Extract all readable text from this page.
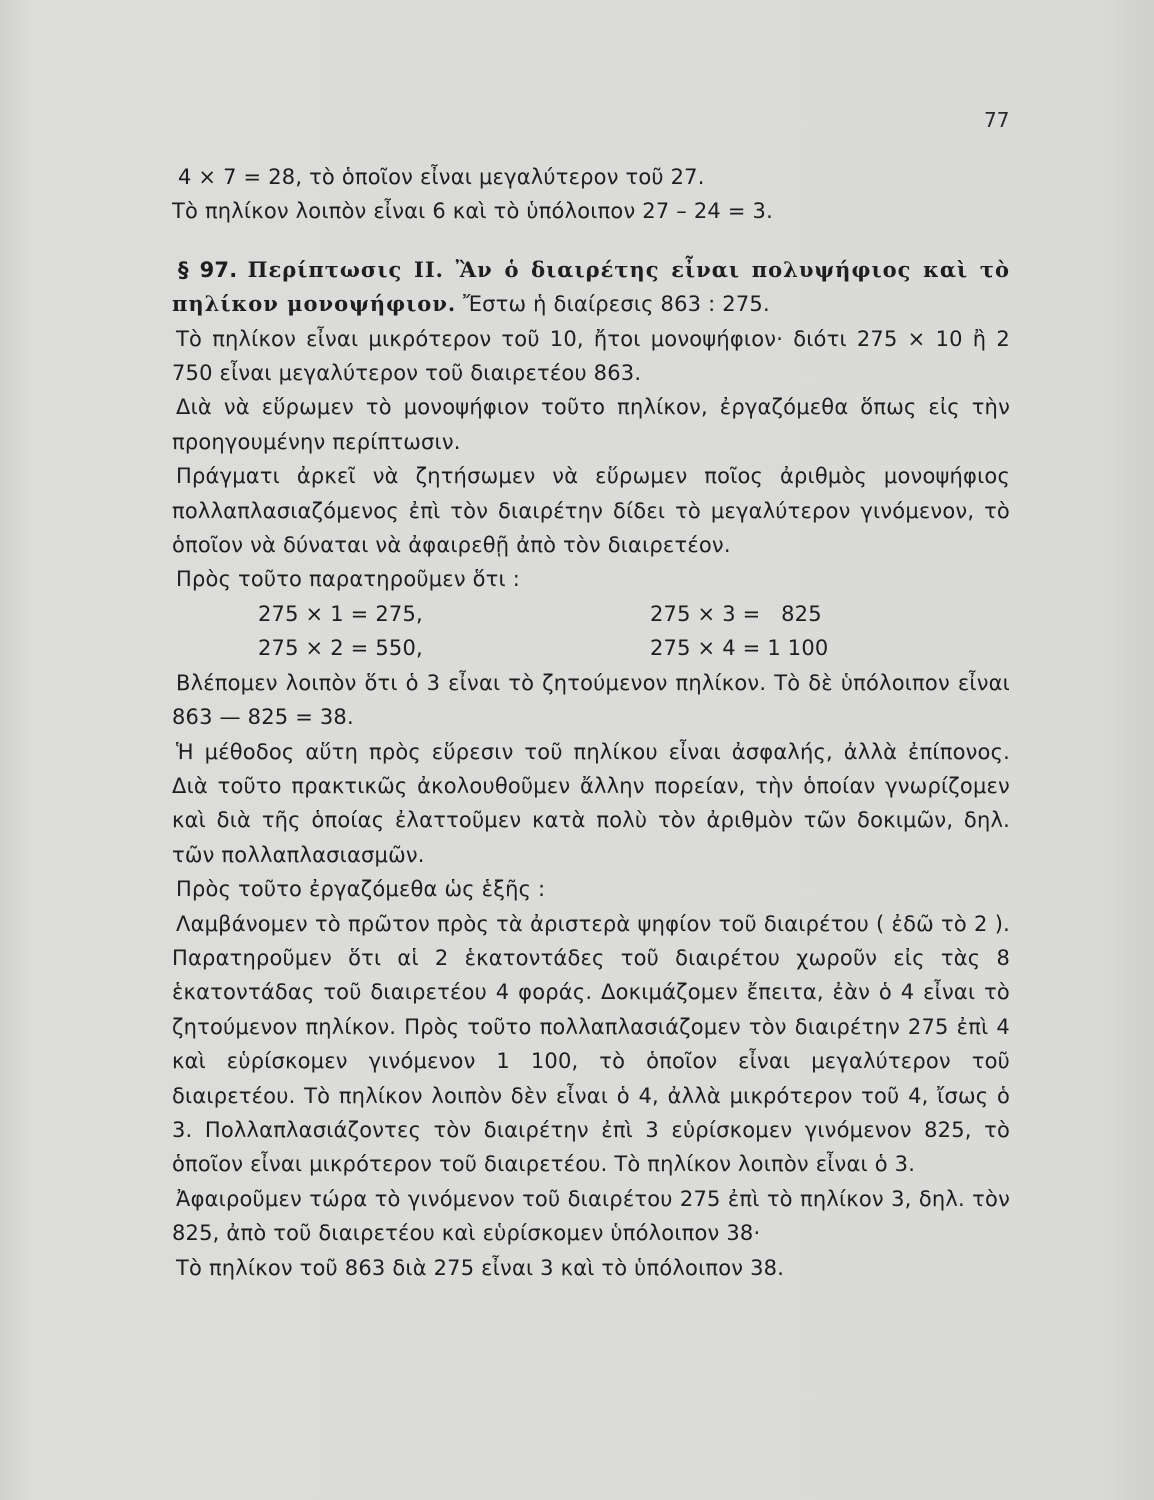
77

4 × 7 = 28, τὸ ὁποῖον εἶναι μεγαλύτερον τοῦ 27.

Τὸ πηλίκον λοιπὸν εἶναι 6 καὶ τὸ ὑπόλοιπον 27 – 24 = 3.

§ 97. Περίπτωσις II. Ἂν ὁ διαιρέτης εἶναι πολυψήφιος καὶ τὸ πηλίκον μονοψήφιον. Ἔστω ἡ διαίρεσις 863 : 275.

Τὸ πηλίκον εἶναι μικρότερον τοῦ 10, ἤτοι μονοψήφιον· διότι 275 × 10 ἢ 2 750 εἶναι μεγαλύτερον τοῦ διαιρετέου 863.

Διὰ νὰ εὕρωμεν τὸ μονοψήφιον τοῦτο πηλίκον, ἐργαζόμεθα ὅπως εἰς τὴν προηγουμένην περίπτωσιν.

Πράγματι ἀρκεῖ νὰ ζητήσωμεν νὰ εὕρωμεν ποῖος ἀριθμὸς μονοψήφιος πολλαπλασιαζόμενος ἐπὶ τὸν διαιρέτην δίδει τὸ μεγαλύτερον γινόμενον, τὸ ὁποῖον νὰ δύναται νὰ ἀφαιρεθῇ ἀπὸ τὸν διαιρετέον.

Πρὸς τοῦτο παρατηροῦμεν ὅτι :

275 × 1 = 275,	275 × 3 =   825
275 × 2 = 550,	275 × 4 = 1 100

Βλέπομεν λοιπὸν ὅτι ὁ 3 εἶναι τὸ ζητούμενον πηλίκον. Τὸ δὲ ὑπόλοιπον εἶναι 863 — 825 = 38.

Ἡ μέθοδος αὕτη πρὸς εὕρεσιν τοῦ πηλίκου εἶναι ἀσφαλής, ἀλλὰ ἐπίπονος. Διὰ τοῦτο πρακτικῶς ἀκολουθοῦμεν ἄλλην πορείαν, τὴν ὁποίαν γνωρίζομεν καὶ διὰ τῆς ὁποίας ἐλαττοῦμεν κατὰ πολὺ τὸν ἀριθμὸν τῶν δοκιμῶν, δηλ. τῶν πολλαπλασιασμῶν.

Πρὸς τοῦτο ἐργαζόμεθα ὡς ἑξῆς :

Λαμβάνομεν τὸ πρῶτον πρὸς τὰ ἀριστερὰ ψηφίον τοῦ διαιρέτου ( ἐδῶ τὸ 2 ). Παρατηροῦμεν ὅτι αἱ 2 ἑκατοντάδες τοῦ διαιρέτου χωροῦν εἰς τὰς 8 ἑκατοντάδας τοῦ διαιρετέου 4 φοράς. Δοκιμάζομεν ἔπειτα, ἐὰν ὁ 4 εἶναι τὸ ζητούμενον πηλίκον. Πρὸς τοῦτο πολλαπλασιάζομεν τὸν διαιρέτην 275 ἐπὶ 4 καὶ εὑρίσκομεν γινόμενον 1 100, τὸ ὁποῖον εἶναι μεγαλύτερον τοῦ διαιρετέου. Τὸ πηλίκον λοιπὸν δὲν εἶναι ὁ 4, ἀλλὰ μικρότερον τοῦ 4, ἴσως ὁ 3. Πολλαπλασιάζοντες τὸν διαιρέτην ἐπὶ 3 εὑρίσκομεν γινόμενον 825, τὸ ὁποῖον εἶναι μικρότερον τοῦ διαιρετέου. Τὸ πηλίκον λοιπὸν εἶναι ὁ 3.

Ἀφαιροῦμεν τώρα τὸ γινόμενον τοῦ διαιρέτου 275 ἐπὶ τὸ πηλίκον 3, δηλ. τὸν 825, ἀπὸ τοῦ διαιρετέου καὶ εὑρίσκομεν ὑπόλοιπον 38·

Τὸ πηλίκον τοῦ 863 διὰ 275 εἶναι 3 καὶ τὸ ὑπόλοιπον 38.
